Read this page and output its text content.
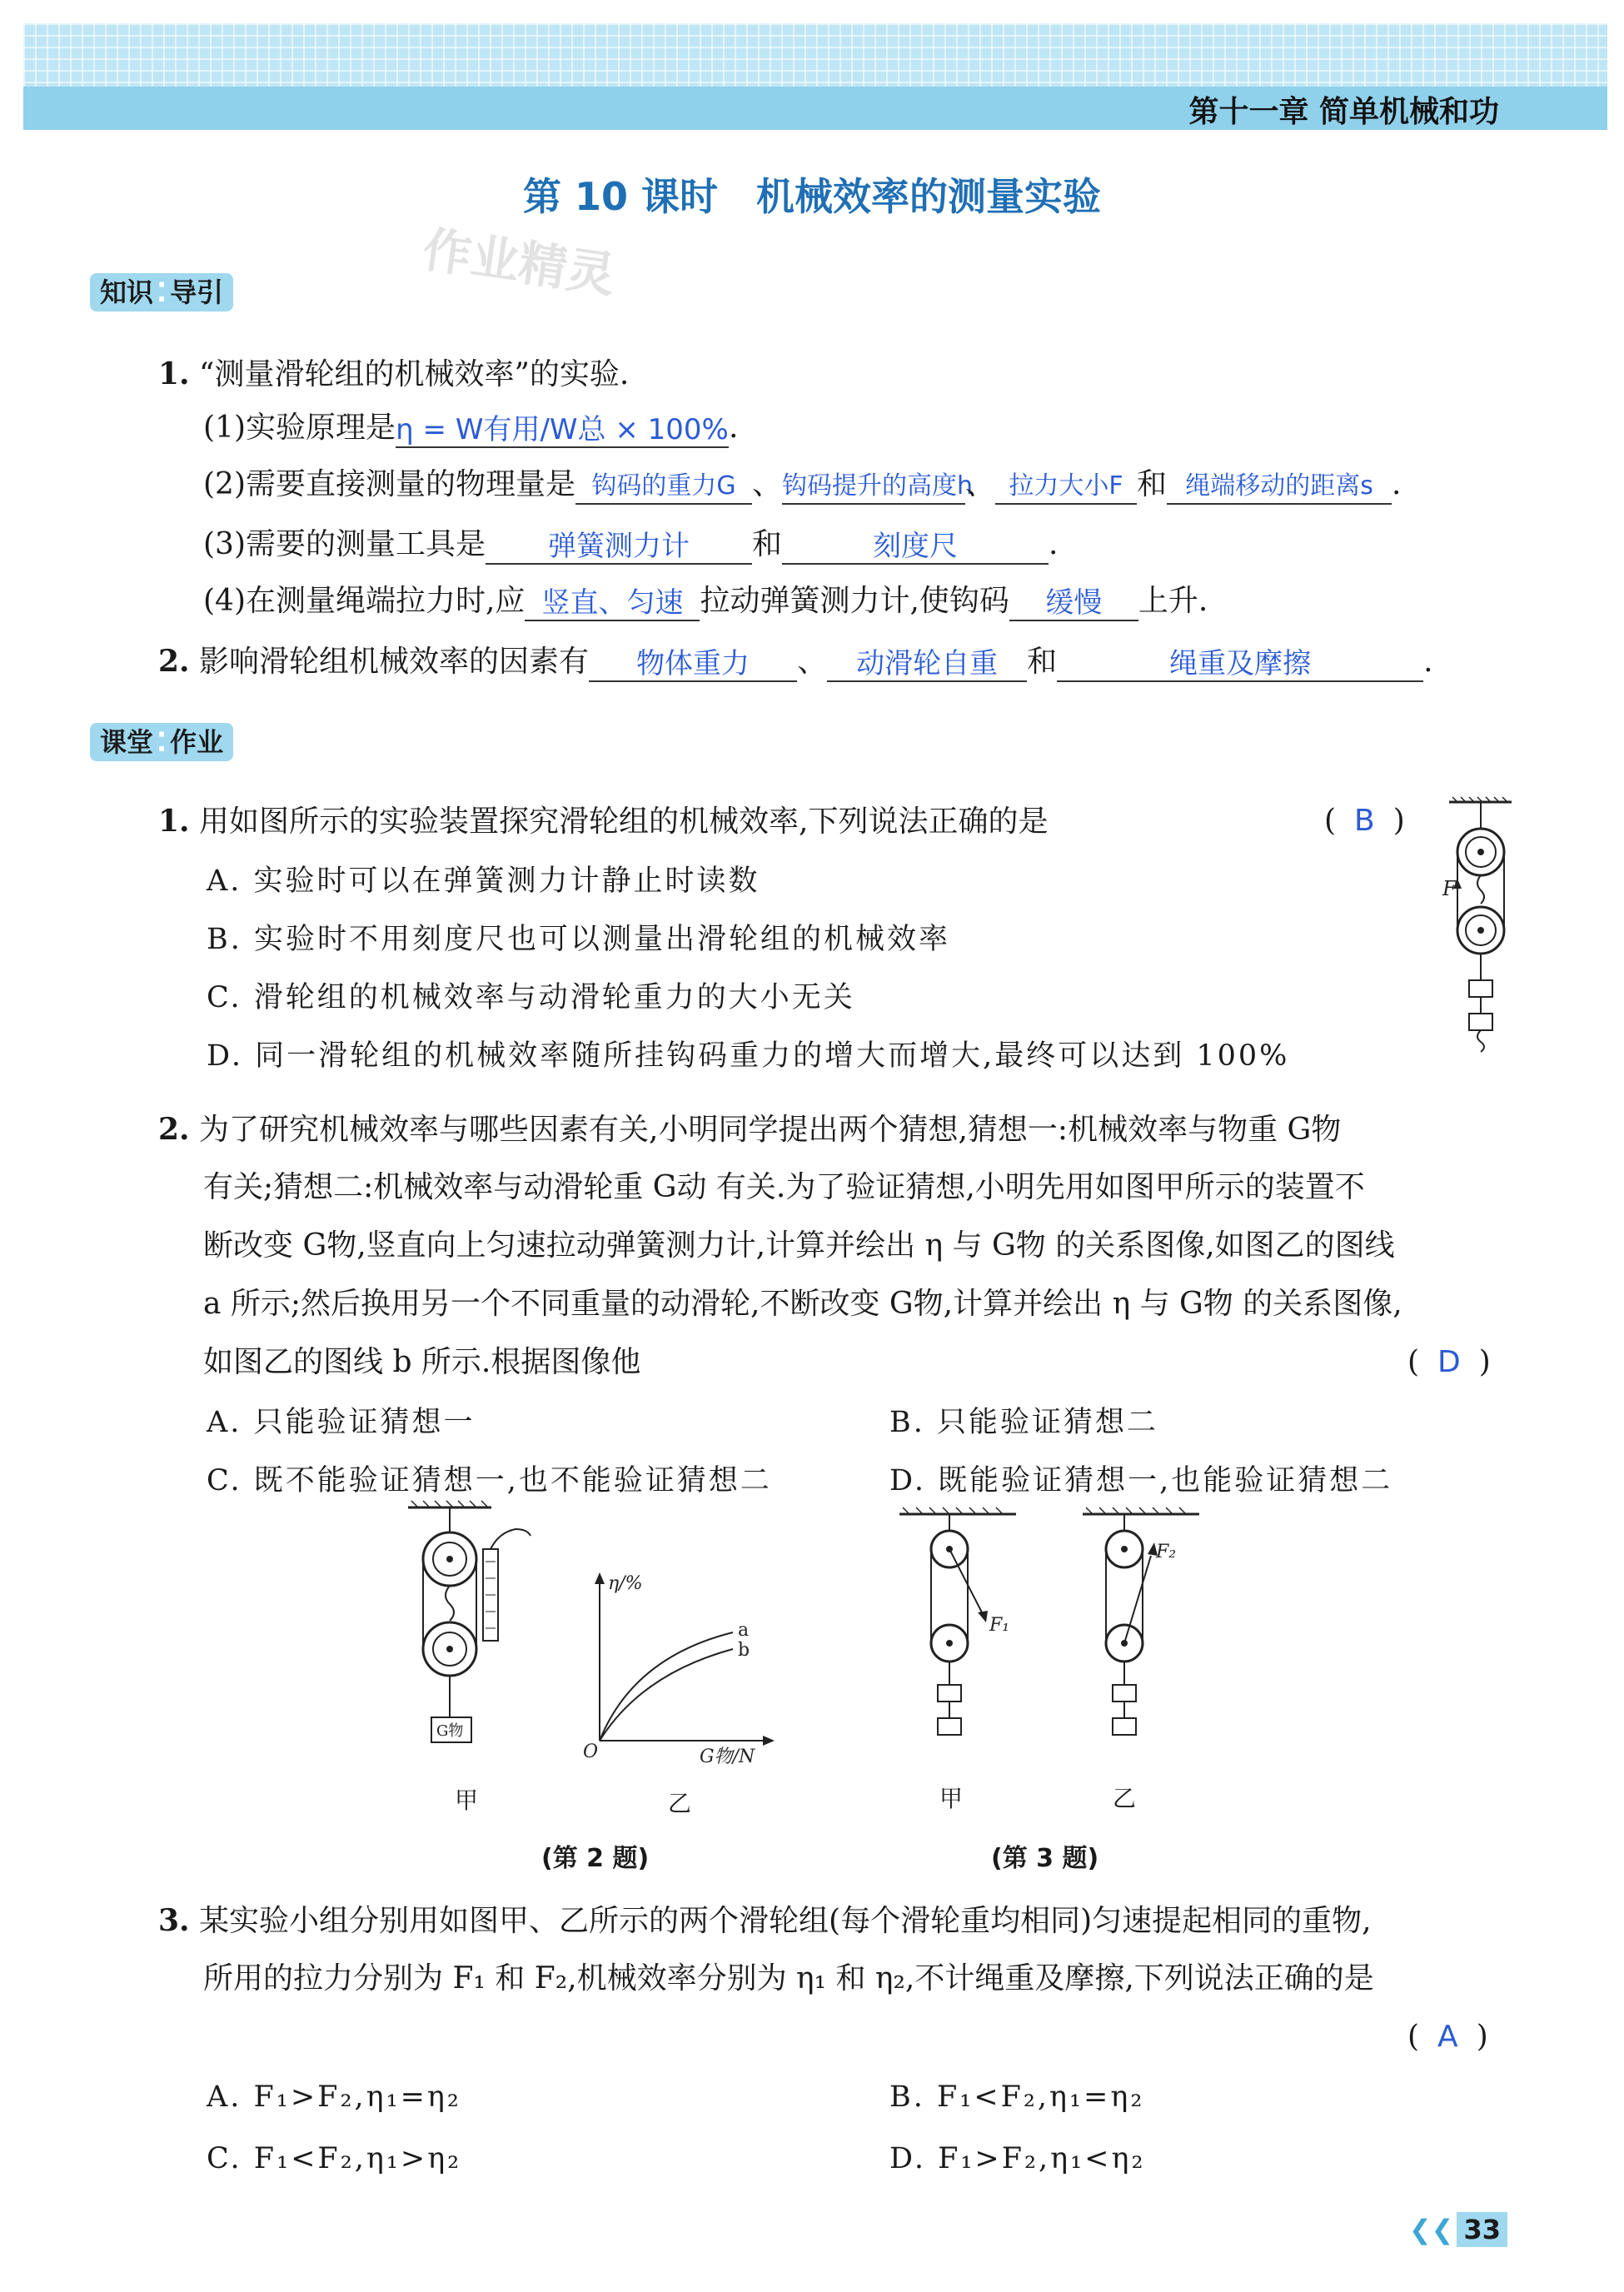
第十一章 简单机械和功
第 10 课时　机械效率的测量实验
作业精灵
知识 ⁚ 导引
1. “测量滑轮组的机械效率”的实验.
(1)实验原理是η = W有用/W总 × 100%.
(2)需要直接测量的物理量是 钩码的重力G 、钩码提升的高度h、 拉力大小F 和 绳端移动的距离s .
(3)需要的测量工具是 弹簧测力计 和	刻度尺	.
(4)在测量绳端拉力时,应 竖直、匀速 拉动弹簧测力计,使钩码 缓慢 上升.
2. 影响滑轮组机械效率的因素有 物体重力 、 动滑轮自重 和	绳重及摩擦	.
课堂 ⁚ 作业
1. 用如图所示的实验装置探究滑轮组的机械效率,下列说法正确的是	( B )
A. 实验时可以在弹簧测力计静止时读数
B. 实验时不用刻度尺也可以测量出滑轮组的机械效率
C. 滑轮组的机械效率与动滑轮重力的大小无关
D. 同一滑轮组的机械效率随所挂钩码重力的增大而增大,最终可以达到 100%
F
2. 为了研究机械效率与哪些因素有关,小明同学提出两个猜想,猜想一:机械效率与物重 G物
有关;猜想二:机械效率与动滑轮重 G动 有关.为了验证猜想,小明先用如图甲所示的装置不
断改变 G物,竖直向上匀速拉动弹簧测力计,计算并绘出 η 与 G物 的关系图像,如图乙的图线
a 所示;然后换用另一个不同重量的动滑轮,不断改变 G物,计算并绘出 η 与 G物 的关系图像,
如图乙的图线 b 所示.根据图像他	( D )
A. 只能验证猜想一	B. 只能验证猜想二
C. 既不能验证猜想一,也不能验证猜想二	D. 既能验证猜想一,也能验证猜想二
G物
甲
η/%
O	G物/N
a
b
乙
(第 2 题)
F₁
甲
F₂
乙
(第 3 题)
3. 某实验小组分别用如图甲、乙所示的两个滑轮组(每个滑轮重均相同)匀速提起相同的重物,
所用的拉力分别为 F₁ 和 F₂,机械效率分别为 η₁ 和 η₂,不计绳重及摩擦,下列说法正确的是
( A )
A. F₁>F₂,η₁=η₂	B. F₁<F₂,η₁=η₂
C. F₁<F₂,η₁>η₂	D. F₁>F₂,η₁<η₂
❮❮ 33
